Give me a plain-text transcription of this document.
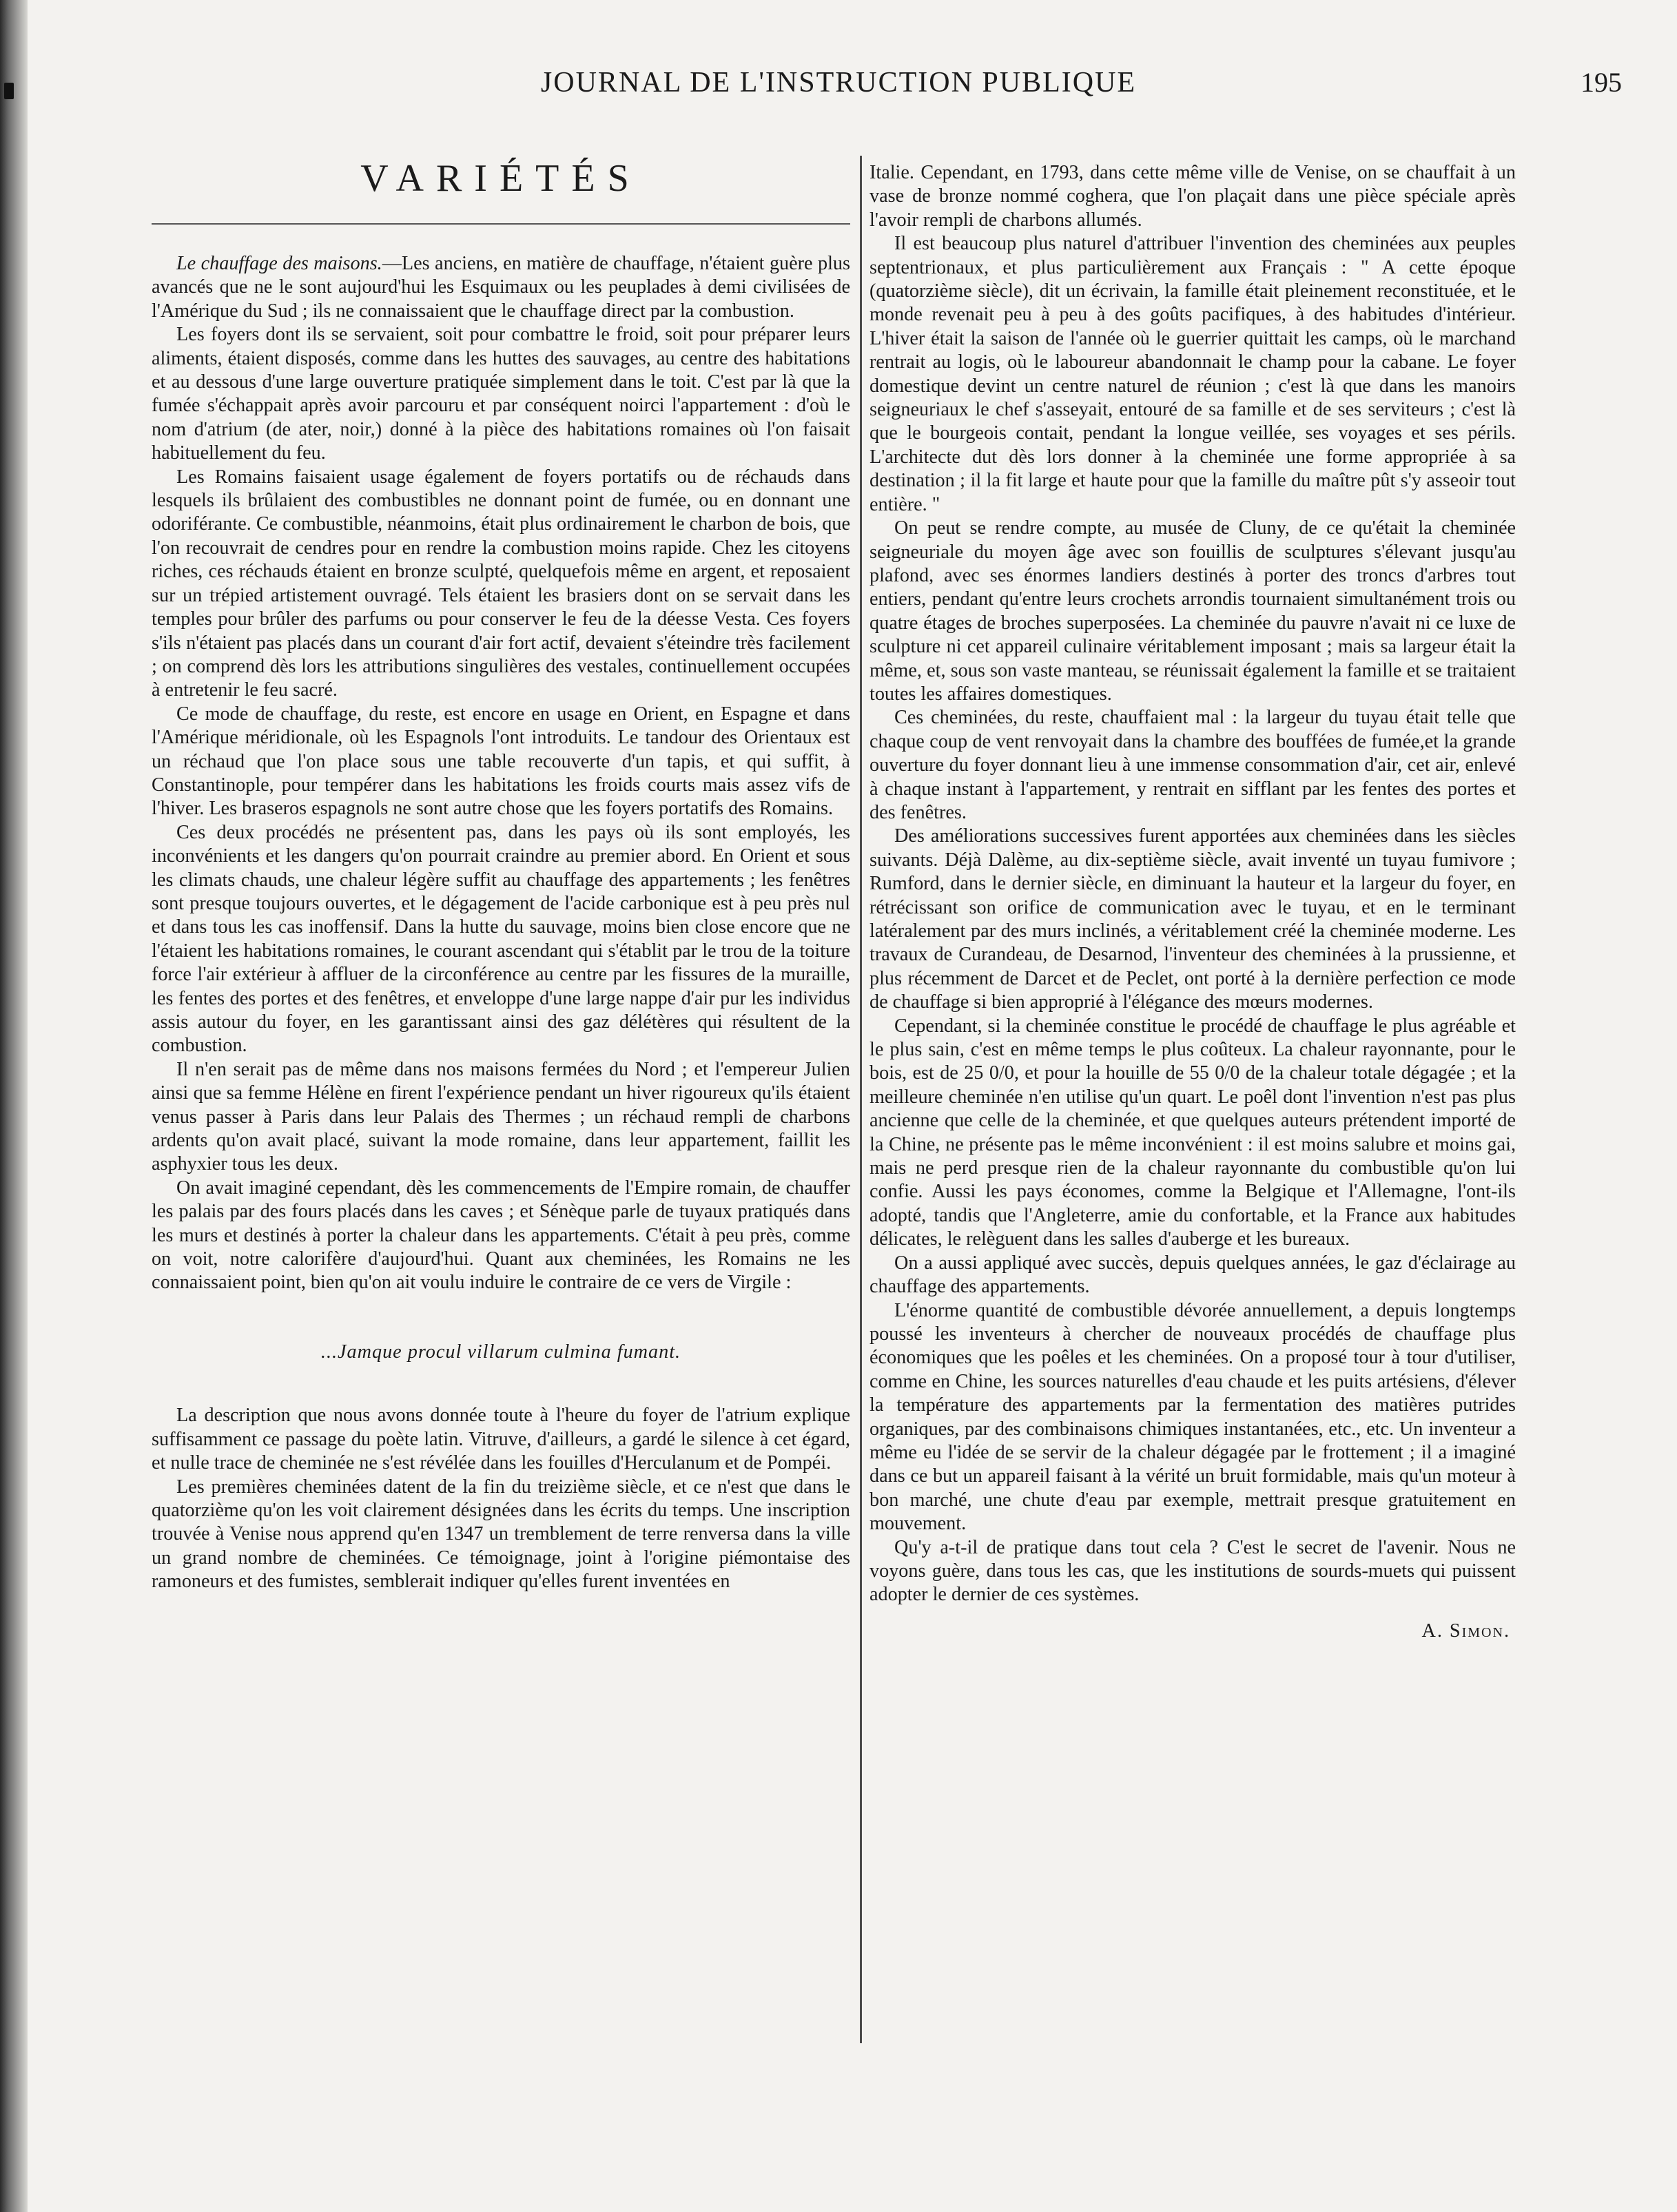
JOURNAL DE L'INSTRUCTION PUBLIQUE	195
VARIÉTÉS

Le chauffage des maisons.—Les anciens, en matière de chauffage, n'étaient guère plus avancés que ne le sont aujourd'hui les Esquimaux ou les peuplades à demi civilisées de l'Amérique du Sud ; ils ne connaissaient que le chauffage direct par la combustion.

Les foyers dont ils se servaient, soit pour combattre le froid, soit pour préparer leurs aliments, étaient disposés, comme dans les huttes des sauvages, au centre des habitations et au dessous d'une large ouverture pratiquée simplement dans le toit. C'est par là que la fumée s'échappait après avoir parcouru et par conséquent noirci l'appartement : d'où le nom d'atrium (de ater, noir,) donné à la pièce des habitations romaines où l'on faisait habituellement du feu.

Les Romains faisaient usage également de foyers portatifs ou de réchauds dans lesquels ils brûlaient des combustibles ne donnant point de fumée, ou en donnant une odoriférante. Ce combustible, néanmoins, était plus ordinairement le charbon de bois, que l'on recouvrait de cendres pour en rendre la combustion moins rapide. Chez les citoyens riches, ces réchauds étaient en bronze sculpté, quelquefois même en argent, et reposaient sur un trépied artistement ouvragé. Tels étaient les brasiers dont on se servait dans les temples pour brûler des parfums ou pour conserver le feu de la déesse Vesta. Ces foyers s'ils n'étaient pas placés dans un courant d'air fort actif, devaient s'éteindre très facilement ; on comprend dès lors les attributions singulières des vestales, continuellement occupées à entretenir le feu sacré.

Ce mode de chauffage, du reste, est encore en usage en Orient, en Espagne et dans l'Amérique méridionale, où les Espagnols l'ont introduits. Le tandour des Orientaux est un réchaud que l'on place sous une table recouverte d'un tapis, et qui suffit, à Constantinople, pour tempérer dans les habitations les froids courts mais assez vifs de l'hiver. Les braseros espagnols ne sont autre chose que les foyers portatifs des Romains.

Ces deux procédés ne présentent pas, dans les pays où ils sont employés, les inconvénients et les dangers qu'on pourrait craindre au premier abord. En Orient et sous les climats chauds, une chaleur légère suffit au chauffage des appartements ; les fenêtres sont presque toujours ouvertes, et le dégagement de l'acide carbonique est à peu près nul et dans tous les cas inoffensif. Dans la hutte du sauvage, moins bien close encore que ne l'étaient les habitations romaines, le courant ascendant qui s'établit par le trou de la toiture force l'air extérieur à affluer de la circonférence au centre par les fissures de la muraille, les fentes des portes et des fenêtres, et enveloppe d'une large nappe d'air pur les individus assis autour du foyer, en les garantissant ainsi des gaz délétères qui résultent de la combustion.

Il n'en serait pas de même dans nos maisons fermées du Nord ; et l'empereur Julien ainsi que sa femme Hélène en firent l'expérience pendant un hiver rigoureux qu'ils étaient venus passer à Paris dans leur Palais des Thermes ; un réchaud rempli de charbons ardents qu'on avait placé, suivant la mode romaine, dans leur appartement, faillit les asphyxier tous les deux.

On avait imaginé cependant, dès les commencements de l'Empire romain, de chauffer les palais par des fours placés dans les caves ; et Sénèque parle de tuyaux pratiqués dans les murs et destinés à porter la chaleur dans les appartements. C'était à peu près, comme on voit, notre calorifère d'aujourd'hui. Quant aux cheminées, les Romains ne les connaissaient point, bien qu'on ait voulu induire le contraire de ce vers de Virgile :

...Jamque procul villarum culmina fumant.

La description que nous avons donnée toute à l'heure du foyer de l'atrium explique suffisamment ce passage du poète latin. Vitruve, d'ailleurs, a gardé le silence à cet égard, et nulle trace de cheminée ne s'est révélée dans les fouilles d'Herculanum et de Pompéi.

Les premières cheminées datent de la fin du treizième siècle, et ce n'est que dans le quatorzième qu'on les voit clairement désignées dans les écrits du temps. Une inscription trouvée à Venise nous apprend qu'en 1347 un tremblement de terre renversa dans la ville un grand nombre de cheminées. Ce témoignage, joint à l'origine piémontaise des ramoneurs et des fumistes, semblerait indiquer qu'elles furent inventées en

Italie. Cependant, en 1793, dans cette même ville de Venise, on se chauffait à un vase de bronze nommé coghera, que l'on plaçait dans une pièce spéciale après l'avoir rempli de charbons allumés.

Il est beaucoup plus naturel d'attribuer l'invention des cheminées aux peuples septentrionaux, et plus particulièrement aux Français : " A cette époque (quatorzième siècle), dit un écrivain, la famille était pleinement reconstituée, et le monde revenait peu à peu à des goûts pacifiques, à des habitudes d'intérieur. L'hiver était la saison de l'année où le guerrier quittait les camps, où le marchand rentrait au logis, où le laboureur abandonnait le champ pour la cabane. Le foyer domestique devint un centre naturel de réunion ; c'est là que dans les manoirs seigneuriaux le chef s'asseyait, entouré de sa famille et de ses serviteurs ; c'est là que le bourgeois contait, pendant la longue veillée, ses voyages et ses périls. L'architecte dut dès lors donner à la cheminée une forme appropriée à sa destination ; il la fit large et haute pour que la famille du maître pût s'y asseoir tout entière. "

On peut se rendre compte, au musée de Cluny, de ce qu'était la cheminée seigneuriale du moyen âge avec son fouillis de sculptures s'élevant jusqu'au plafond, avec ses énormes landiers destinés à porter des troncs d'arbres tout entiers, pendant qu'entre leurs crochets arrondis tournaient simultanément trois ou quatre étages de broches superposées. La cheminée du pauvre n'avait ni ce luxe de sculpture ni cet appareil culinaire véritablement imposant ; mais sa largeur était la même, et, sous son vaste manteau, se réunissait également la famille et se traitaient toutes les affaires domestiques.

Ces cheminées, du reste, chauffaient mal : la largeur du tuyau était telle que chaque coup de vent renvoyait dans la chambre des bouffées de fumée,et la grande ouverture du foyer donnant lieu à une immense consommation d'air, cet air, enlevé à chaque instant à l'appartement, y rentrait en sifflant par les fentes des portes et des fenêtres.

Des améliorations successives furent apportées aux cheminées dans les siècles suivants. Déjà Dalème, au dix-septième siècle, avait inventé un tuyau fumivore ; Rumford, dans le dernier siècle, en diminuant la hauteur et la largeur du foyer, en rétrécissant son orifice de communication avec le tuyau, et en le terminant latéralement par des murs inclinés, a véritablement créé la cheminée moderne. Les travaux de Curandeau, de Desarnod, l'inventeur des cheminées à la prussienne, et plus récemment de Darcet et de Peclet, ont porté à la dernière perfection ce mode de chauffage si bien approprié à l'élégance des mœurs modernes.

Cependant, si la cheminée constitue le procédé de chauffage le plus agréable et le plus sain, c'est en même temps le plus coûteux. La chaleur rayonnante, pour le bois, est de 25 0/0, et pour la houille de 55 0/0 de la chaleur totale dégagée ; et la meilleure cheminée n'en utilise qu'un quart. Le poêl dont l'invention n'est pas plus ancienne que celle de la cheminée, et que quelques auteurs prétendent importé de la Chine, ne présente pas le même inconvénient : il est moins salubre et moins gai, mais ne perd presque rien de la chaleur rayonnante du combustible qu'on lui confie. Aussi les pays économes, comme la Belgique et l'Allemagne, l'ont-ils adopté, tandis que l'Angleterre, amie du confortable, et la France aux habitudes délicates, le relèguent dans les salles d'auberge et les bureaux.

On a aussi appliqué avec succès, depuis quelques années, le gaz d'éclairage au chauffage des appartements.

L'énorme quantité de combustible dévorée annuellement, a depuis longtemps poussé les inventeurs à chercher de nouveaux procédés de chauffage plus économiques que les poêles et les cheminées. On a proposé tour à tour d'utiliser, comme en Chine, les sources naturelles d'eau chaude et les puits artésiens, d'élever la température des appartements par la fermentation des matières putrides organiques, par des combinaisons chimiques instantanées, etc., etc. Un inventeur a même eu l'idée de se servir de la chaleur dégagée par le frottement ; il a imaginé dans ce but un appareil faisant à la vérité un bruit formidable, mais qu'un moteur à bon marché, une chute d'eau par exemple, mettrait presque gratuitement en mouvement.

Qu'y a-t-il de pratique dans tout cela ? C'est le secret de l'avenir. Nous ne voyons guère, dans tous les cas, que les institutions de sourds-muets qui puissent adopter le dernier de ces systèmes.

A. Simon.
